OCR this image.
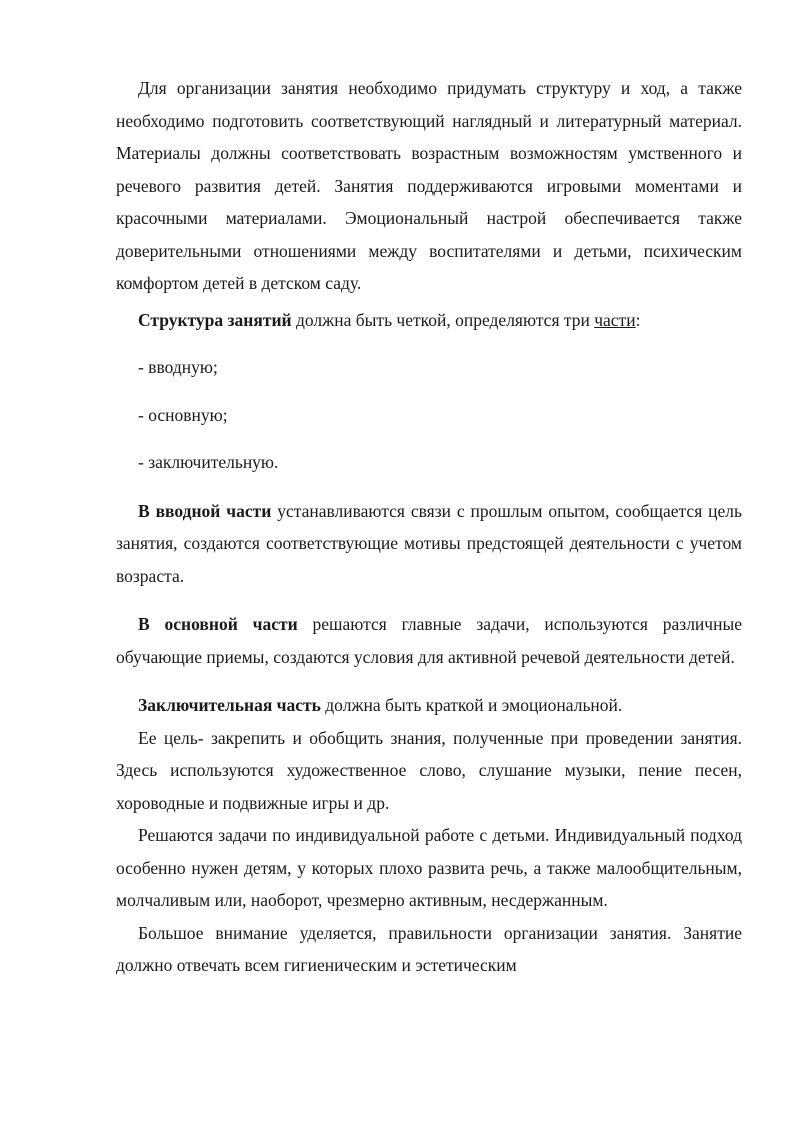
Для организации занятия необходимо придумать структуру и ход, а также необходимо подготовить соответствующий наглядный и литературный материал. Материалы должны соответствовать возрастным возможностям умственного и речевого развития детей. Занятия поддерживаются игровыми моментами и красочными материалами. Эмоциональный настрой обеспечивается также доверительными отношениями между воспитателями и детьми, психическим комфортом детей в детском саду.

Структура занятий должна быть четкой, определяются три части:

- вводную;

- основную;

- заключительную.

В вводной части устанавливаются связи с прошлым опытом, сообщается цель занятия, создаются соответствующие мотивы предстоящей деятельности с учетом возраста.

В основной части решаются главные задачи, используются различные обучающие приемы, создаются условия для активной речевой деятельности детей.

Заключительная часть должна быть краткой и эмоциональной.

Ее цель- закрепить и обобщить знания, полученные при проведении занятия. Здесь используются художественное слово, слушание музыки, пение песен, хороводные и подвижные игры и др.

Решаются задачи по индивидуальной работе с детьми. Индивидуальный подход особенно нужен детям, у которых плохо развита речь, а также малообщительным, молчаливым или, наоборот, чрезмерно активным, несдержанным.

Большое внимание уделяется, правильности организации занятия. Занятие должно отвечать всем гигиеническим и эстетическим
